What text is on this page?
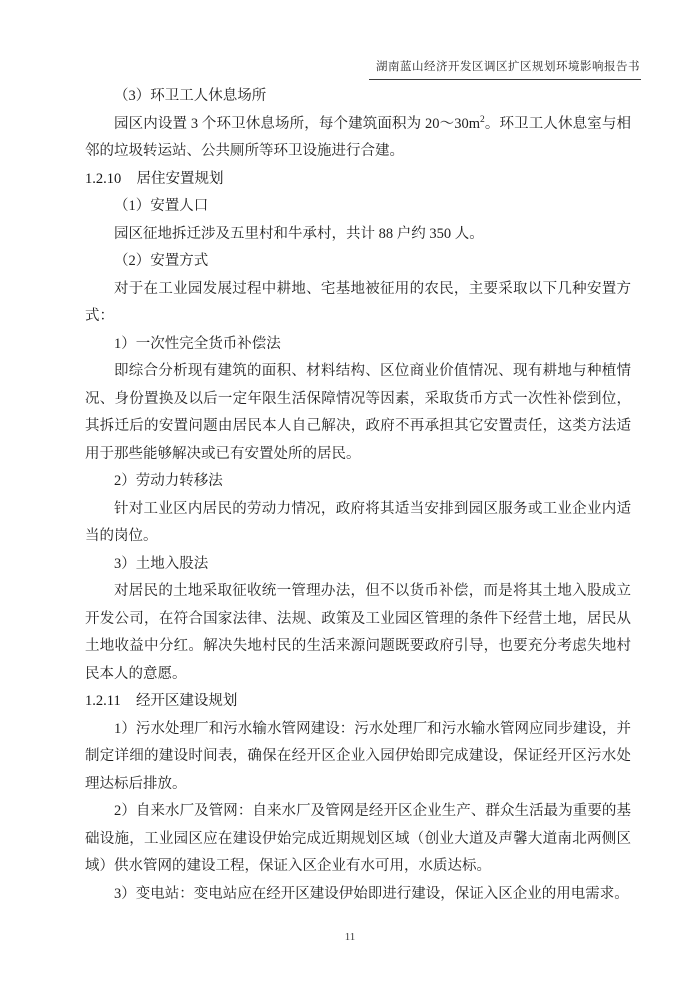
湖南蓝山经济开发区调区扩区规划环境影响报告书

（3）环卫工人休息场所

园区内设置 3 个环卫休息场所，每个建筑面积为 $20\sim 30m^2$。环卫工人休息室与相邻的垃圾转运站、公共厕所等环卫设施进行合建。

1.2.10 居住安置规划

（1）安置人口

园区征地拆迁涉及五里村和牛承村，共计 88 户约 350 人。

（2）安置方式

对于在工业园发展过程中耕地、宅基地被征用的农民，主要采取以下几种安置方式：

1）一次性完全货币补偿法

即综合分析现有建筑的面积、材料结构、区位商业价值情况、现有耕地与种植情况、身份置换及以后一定年限生活保障情况等因素，采取货币方式一次性补偿到位，其拆迁后的安置问题由居民本人自己解决，政府不再承担其它安置责任，这类方法适用于那些能够解决或已有安置处所的居民。

2）劳动力转移法

针对工业区内居民的劳动力情况，政府将其适当安排到园区服务或工业企业内适当的岗位。

3）土地入股法

对居民的土地采取征收统一管理办法，但不以货币补偿，而是将其土地入股成立开发公司，在符合国家法律、法规、政策及工业园区管理的条件下经营土地，居民从土地收益中分红。解决失地村民的生活来源问题既要政府引导，也要充分考虑失地村民本人的意愿。

1.2.11 经开区建设规划

1）污水处理厂和污水输水管网建设：污水处理厂和污水输水管网应同步建设，并制定详细的建设时间表，确保在经开区企业入园伊始即完成建设，保证经开区污水处理达标后排放。

2）自来水厂及管网：自来水厂及管网是经开区企业生产、群众生活最为重要的基础设施，工业园区应在建设伊始完成近期规划区域（创业大道及声馨大道南北两侧区域）供水管网的建设工程，保证入区企业有水可用，水质达标。

3）变电站：变电站应在经开区建设伊始即进行建设，保证入区企业的用电需求。

11
